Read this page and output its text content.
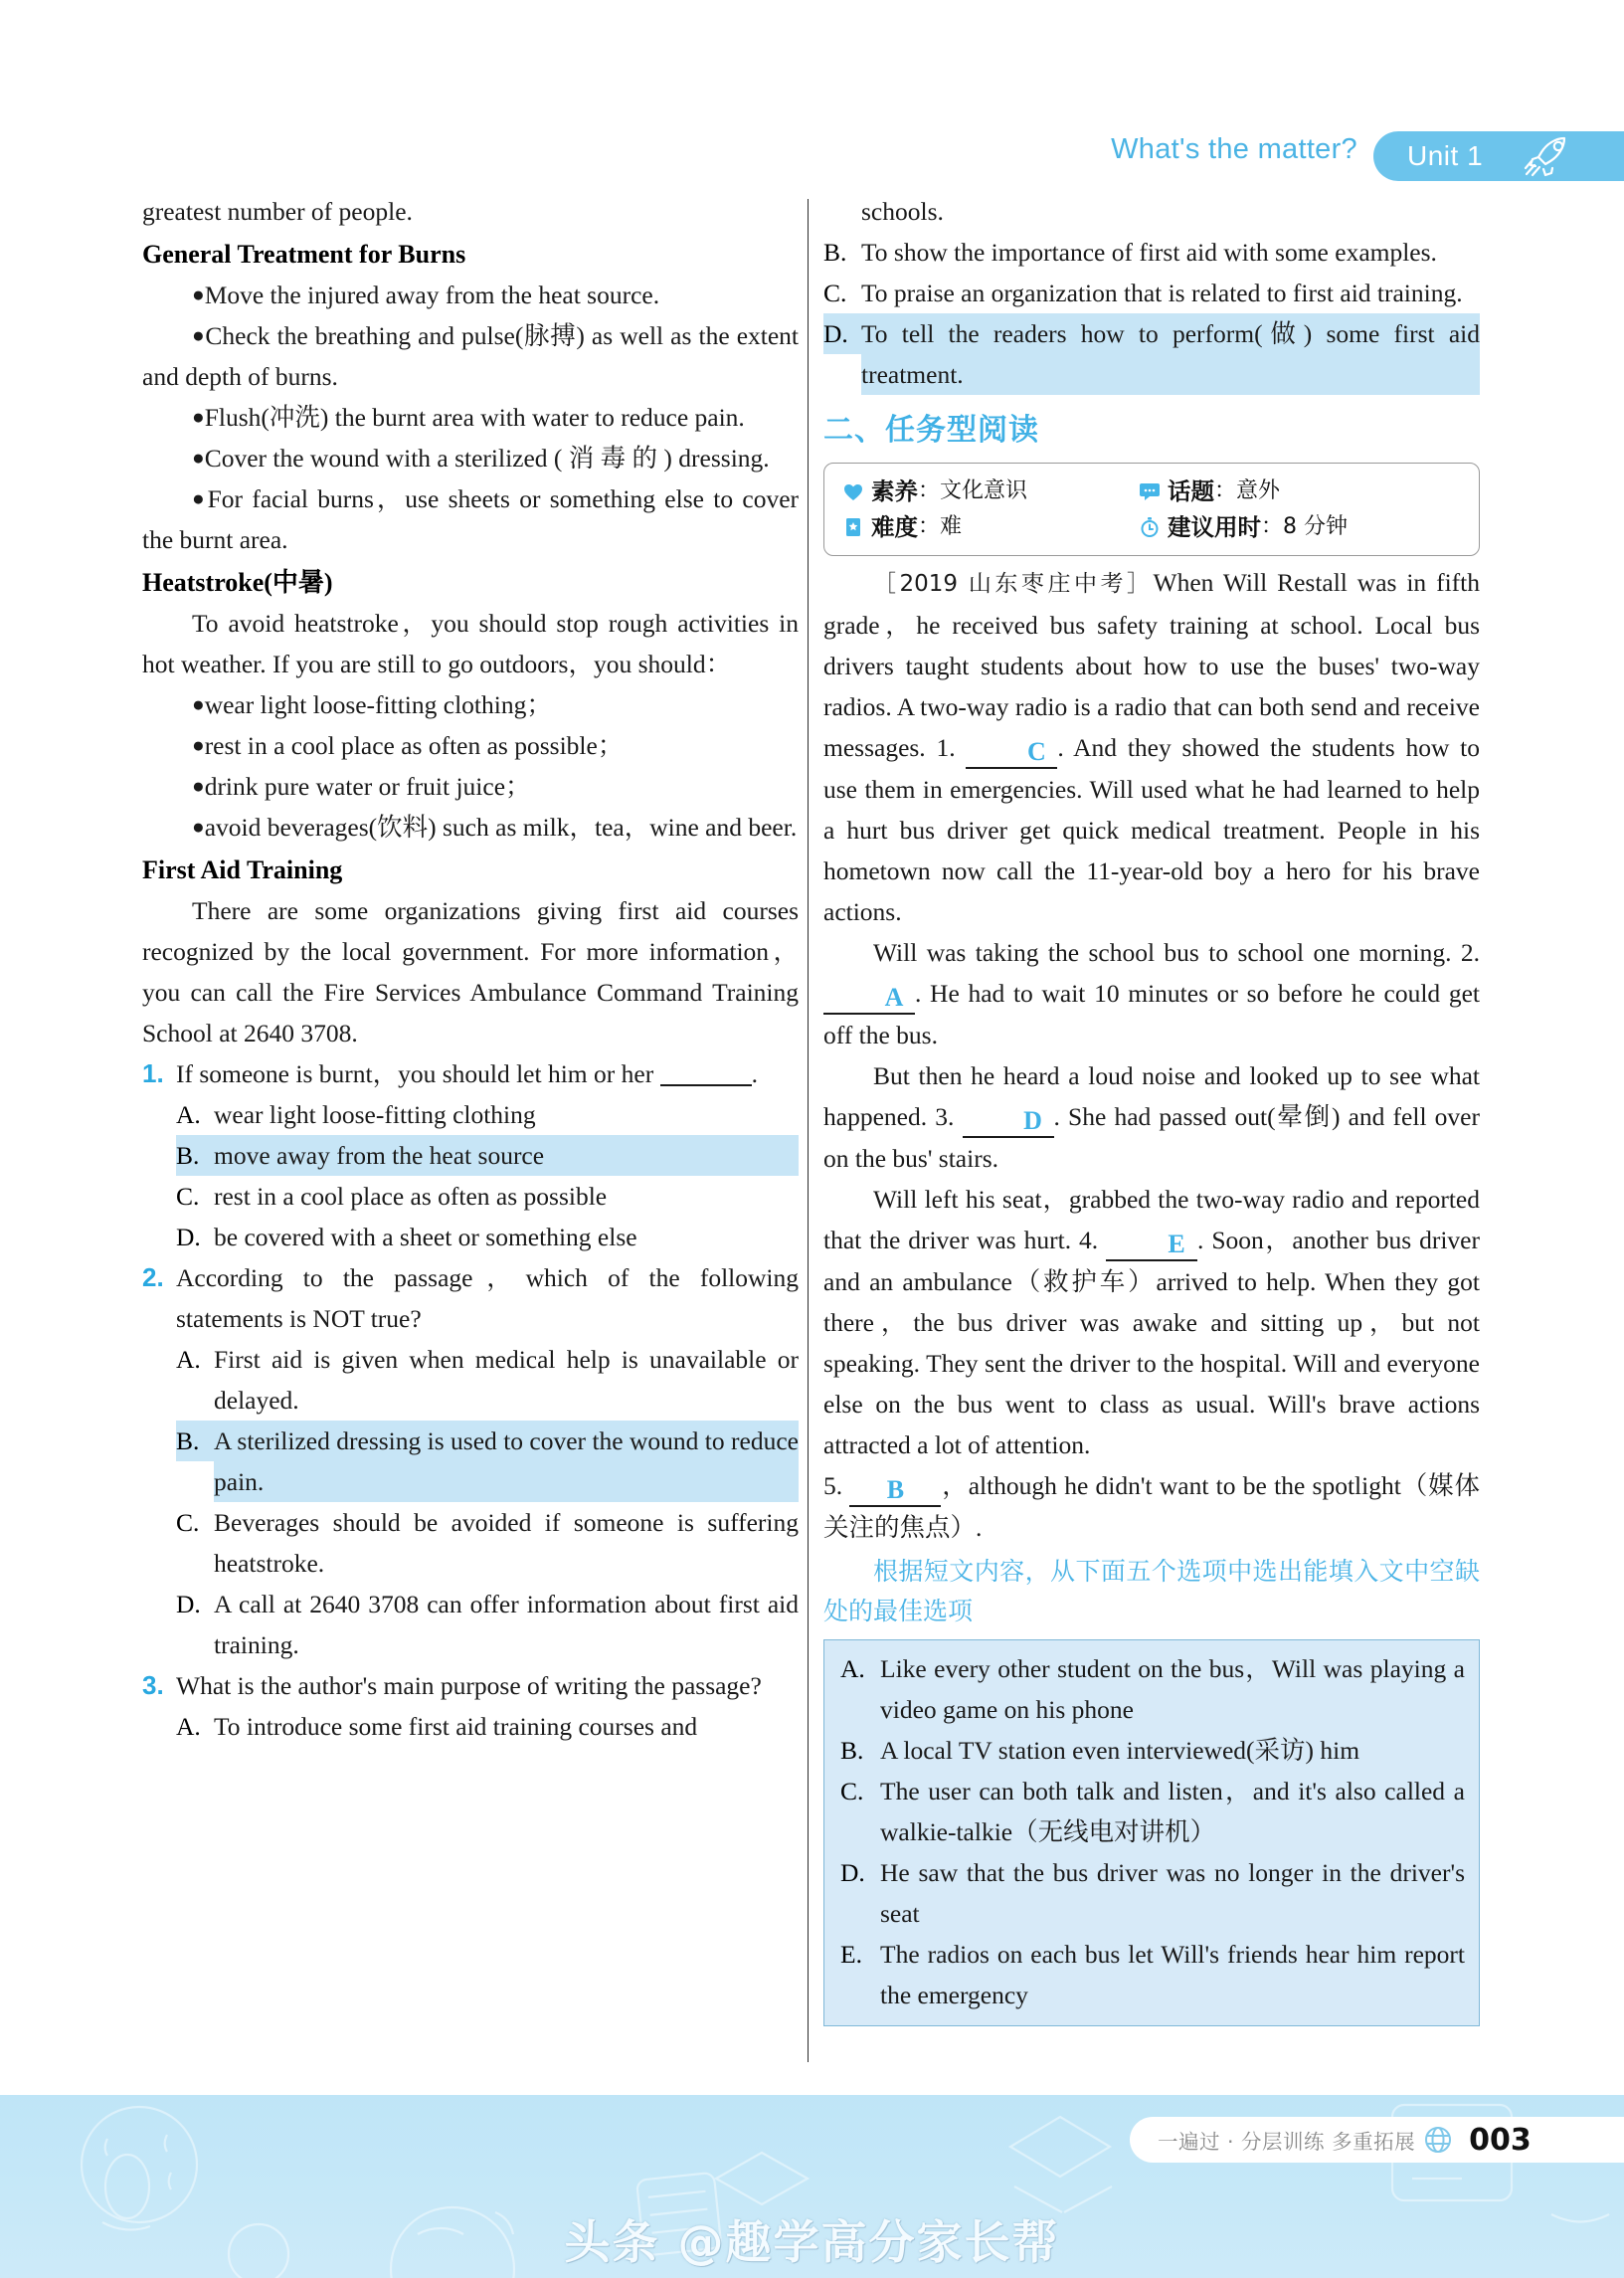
What's the matter? Unit 1

greatest number of people.

General Treatment for Burns

●Move the injured away from the heat source.

●Check the breathing and pulse(脉搏) as well as the extent and depth of burns.

●Flush(冲洗) the burnt area with water to reduce pain.

●Cover the wound with a sterilized ( 消 毒 的 ) dressing.

●For facial burns，use sheets or something else to cover the burnt area.

Heatstroke(中暑)

To avoid heatstroke，you should stop rough activities in hot weather. If you are still to go outdoors，you should：

●wear light loose-fitting clothing；

●rest in a cool place as often as possible；

●drink pure water or fruit juice；

●avoid beverages(饮料) such as milk，tea，wine and beer.

First Aid Training

There are some organizations giving first aid courses recognized by the local government. For more information，you can call the Fire Services Ambulance Command Training School at 2640 3708.

1. If someone is burnt，you should let him or her	.
A. wear light loose-fitting clothing
B. move away from the heat source
C. rest in a cool place as often as possible
D. be covered with a sheet or something else
2. According to the passage，which of the following statements is NOT true?
A. First aid is given when medical help is unavailable or delayed.
B. A sterilized dressing is used to cover the wound to reduce pain.
C. Beverages should be avoided if someone is suffering heatstroke.
D. A call at 2640 3708 can offer information about first aid training.
3. What is the author's main purpose of writing the passage?
A. To introduce some first aid training courses and

schools.

B. To show the importance of first aid with some examples.
C. To praise an organization that is related to first aid training.
D. To tell the readers how to perform(做) some first aid treatment.
二、任务型阅读
素养 ：文化意识	话题 ：意外
难度 ：难	建议用时 ：8 分钟

［2019 山东枣庄中考］When Will Restall was in fifth grade，he received bus safety training at school. Local bus drivers taught students about how to use the buses' two-way radios. A two-way radio is a radio that can both send and receive messages. 1. C . And they showed the students how to use them in emergencies. Will used what he had learned to help a hurt bus driver get quick medical treatment. People in his hometown now call the 11-year-old boy a hero for his brave actions.

Will was taking the school bus to school one morning. 2. A . He had to wait 10 minutes or so before he could get off the bus.

But then he heard a loud noise and looked up to see what happened. 3. D . She had passed out(晕倒) and fell over on the bus' stairs.

Will left his seat，grabbed the two-way radio and reported that the driver was hurt. 4. E . Soon，another bus driver and an ambulance（救护车）arrived to help. When they got there，the bus driver was awake and sitting up，but not speaking. They sent the driver to the hospital. Will and everyone else on the bus went to class as usual. Will's brave actions attracted a lot of attention.

5. B ，although he didn't want to be the spotlight（媒体关注的焦点）.

根据短文内容，从下面五个选项中选出能填入文中空缺处的最佳选项

A. Like every other student on the bus，Will was playing a video game on his phone
B. A local TV station even interviewed(采访) him
C. The user can both talk and listen，and it's also called a walkie-talkie（无线电对讲机）
D. He saw that the bus driver was no longer in the driver's seat
E. The radios on each bus let Will's friends hear him report the emergency
一遍过 · 分层训练 多重拓展 003
头条 @趣学高分家长帮
